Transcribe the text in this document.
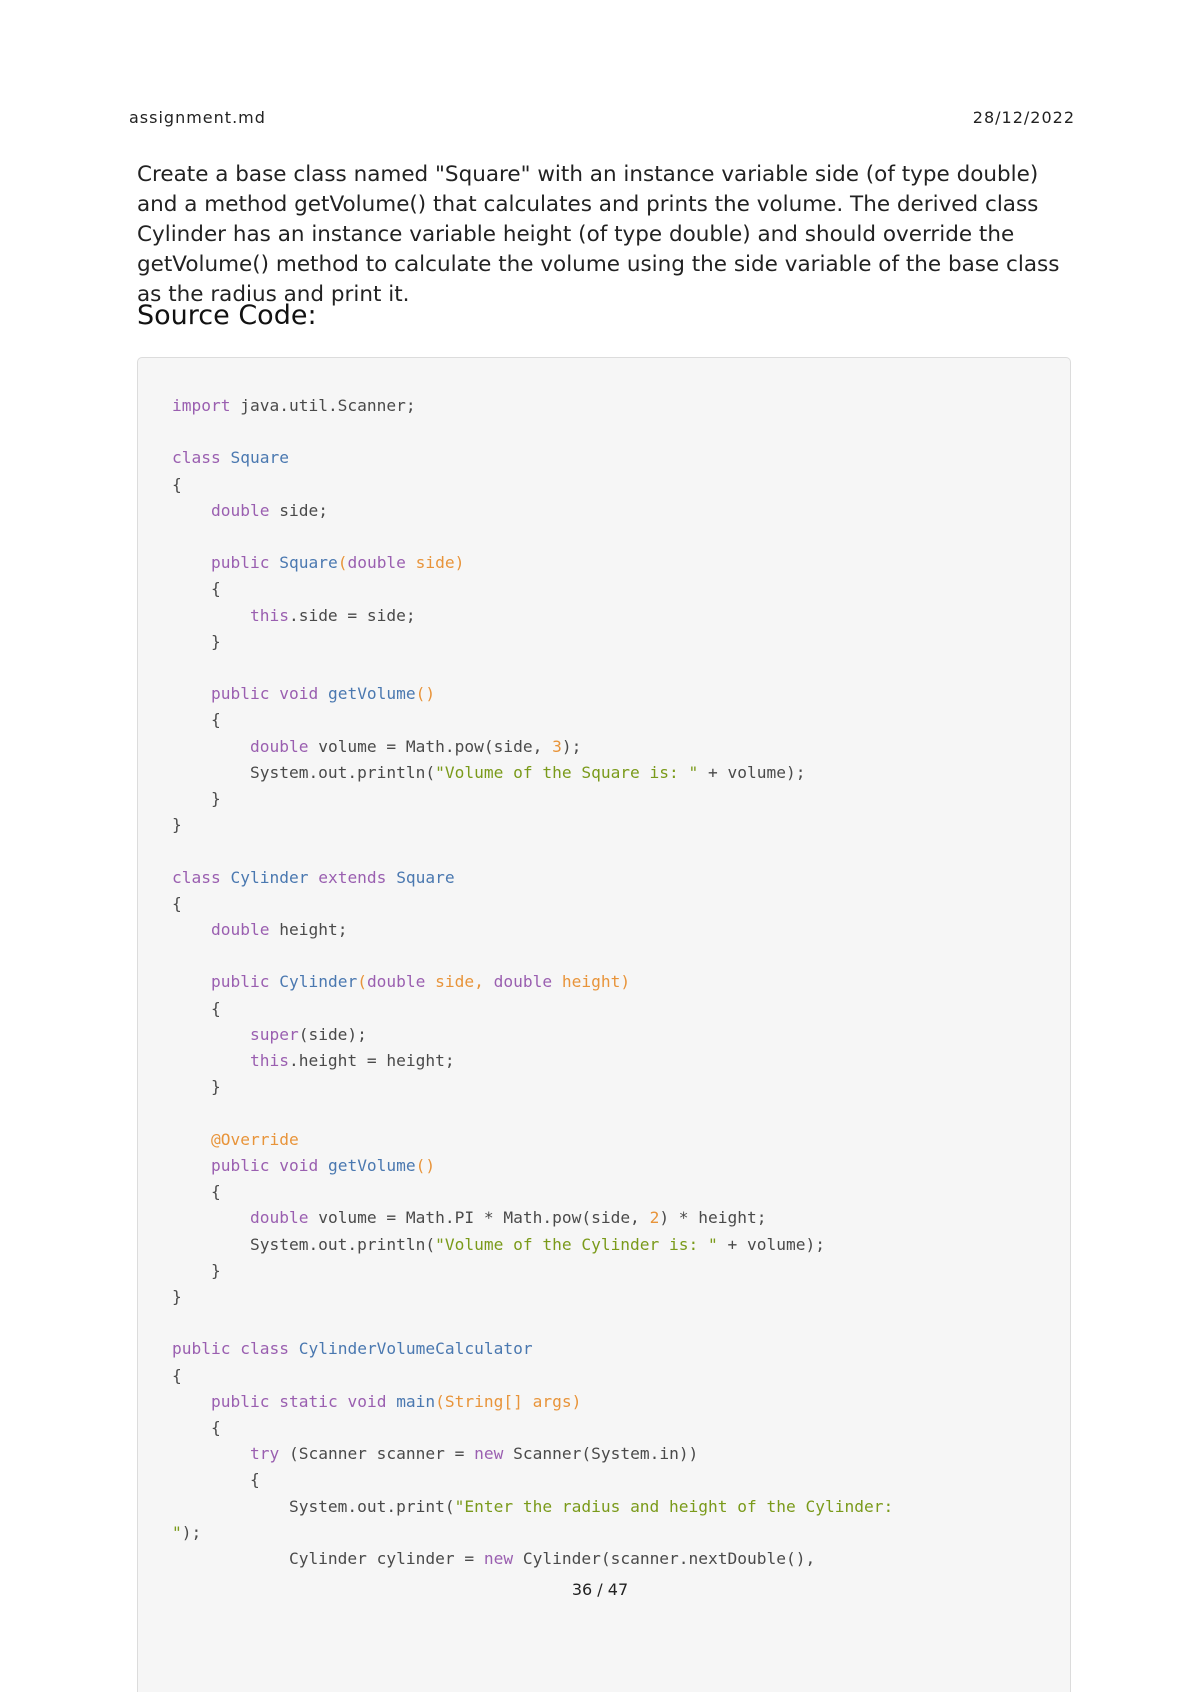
assignment.md	28/12/2022

Create a base class named "Square" with an instance variable side (of type double) and a method getVolume() that calculates and prints the volume. The derived class Cylinder has an instance variable height (of type double) and should override the getVolume() method to calculate the volume using the side variable of the base class as the radius and print it.

Source Code:
import java.util.Scanner;

class Square
{
double side;

public Square(double side)
{
this.side = side;
}

public void getVolume()
{
double volume = Math.pow(side, 3);
System.out.println("Volume of the Square is: " + volume);
}
}

class Cylinder extends Square
{
double height;

public Cylinder(double side, double height)
{
super(side);
this.height = height;
}

@Override
public void getVolume()
{
double volume = Math.PI * Math.pow(side, 2) * height;
System.out.println("Volume of the Cylinder is: " + volume);
}
}

public class CylinderVolumeCalculator
{
public static void main(String[] args)
{
try (Scanner scanner = new Scanner(System.in))
{
System.out.print("Enter the radius and height of the Cylinder:
");
Cylinder cylinder = new Cylinder(scanner.nextDouble(),

36 / 47
